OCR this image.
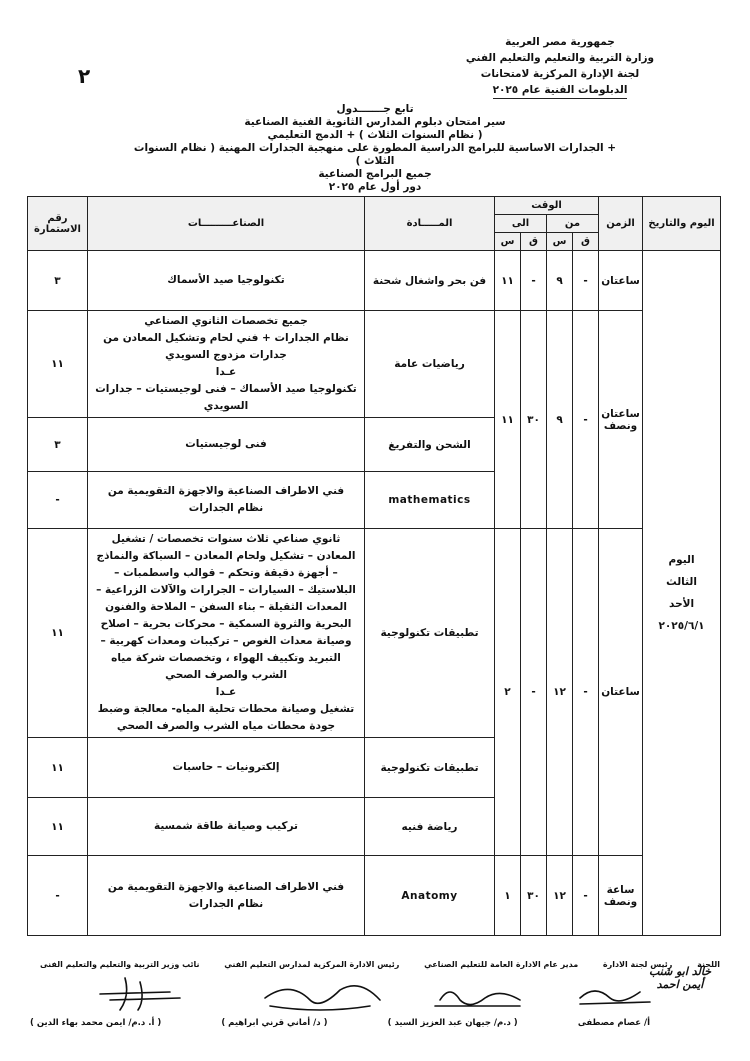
جمهورية مصر العربية
وزارة التربية والتعليم والتعليم الفني
لجنة الإدارة المركزية لامتحانات
الدبلومات الفنية عام ٢٠٢٥
٢
تابع جـــــــدول
سير امتحان دبلوم المدارس الثانوية الفنية الصناعية
( نظام السنوات الثلاث ) + الدمج التعليمي
+ الجدارات الاساسية للبرامج الدراسية المطورة على منهجية الجدارات المهنية ( نظام السنوات الثلاث )
جميع البرامج الصناعية
دور أول عام ٢٠٢٥
اليوم والتاريخ	الزمن	الوقت				المـــــادة	الصناعـــــــــات	رقم الاستمارة
		من		الى				
		ق	س	ق	س			

اليوم
الثالث
الأحد
٢٠٢٥/٦/١	ساعتان	-	٩	-	١١	فن بحر واشغال شحنة	تكنولوجيا صيد الأسماك	٣
	ساعتان ونصف	-	٩	٣٠	١١	رياضيات عامة	جميع تخصصات الثانوي الصناعي
نظام الجدارات + فني لحام وتشكيل المعادن من جدارات مزدوج السويدي
عـدا
تكنولوجيا صيد الأسماك – فنى لوجيستيات – جدارات السويدي	١١
						الشحن والتفريغ	فنى لوجيستيات	٣
						mathematics	فني الاطراف الصناعية والاجهزة التقويمية من نظام الجدارات	-
	ساعتان	-	١٢	-	٢	تطبيقات تكنولوجية	ثانوي صناعي ثلاث سنوات تخصصات / تشغيل المعادن – تشكيل ولحام المعادن – السباكة والنماذج – أجهزة دقيقة وتحكم – قوالب واسطمبات – البلاستيك – السيارات – الجرارات والآلات الزراعية – المعدات الثقيلة – بناء السفن – الملاحة والفنون البحرية والثروة السمكية – محركات بحرية – اصلاح وصيانة معدات الغوص – تركيبات ومعدات كهربية – التبريد وتكييف الهواء ، وتخصصات شركة مياه الشرب والصرف الصحي
عـدا
تشغيل وصيانة محطات تحلية المياه- معالجة وضبط جودة محطات مياه الشرب والصرف الصحي	١١
						تطبيقات تكنولوجية	إلكترونيات – حاسبات	١١
						رياضة فنيه	تركيب وصيانة طاقة شمسية	١١
	ساعة ونصف	-	١٢	٣٠	١	Anatomy	فني الاطراف الصناعية والاجهزة التقويمية من نظام الجدارات	-
اللجنة
رئيس لجنة الادارة
مدير عام الادارة العامة للتعليم الصناعي
رئيس الادارة المركزية لمدارس التعليم الفني
نائب وزير التربية والتعليم والتعليم الفنى
خالد ابو شنب
أيمن احمد
أ/ عصام مصطفى
( د.م/ جيهان عبد العزيز السيد )
( د/ أماني قرني ابراهيم )
( أ. د.م/ ايمن محمد بهاء الدين )
